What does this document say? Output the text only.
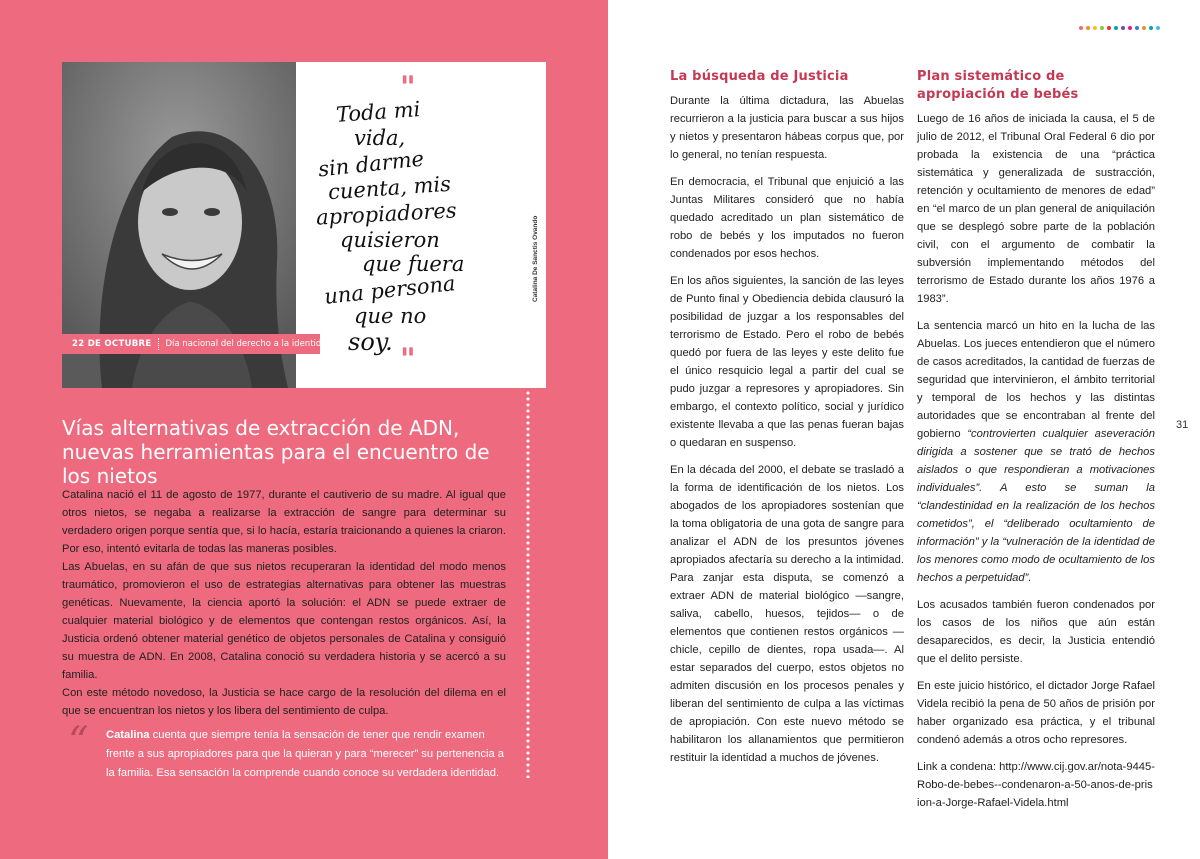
"
Toda mi
vida,
sin darme
cuenta, mis
apropiadores
quisieron
que fuera
una persona
que no
soy. "
Catalina De Sanctis Ovando
22 DE OCTUBRE Día nacional del derecho a la identidad
Vías alternativas de extracción de ADN, nuevas herramientas para el encuentro de los nietos

Catalina nació el 11 de agosto de 1977, durante el cautiverio de su madre. Al igual que otros nietos, se negaba a realizarse la extracción de sangre para determinar su verdadero origen porque sentía que, si lo hacía, estaría traicionando a quienes la criaron. Por eso, intentó evitarla de todas las maneras posibles.

Las Abuelas, en su afán de que sus nietos recuperaran la identidad del modo menos traumático, promovieron el uso de estrategias alternativas para obtener las muestras genéticas. Nuevamente, la ciencia aportó la solución: el ADN se puede extraer de cualquier material biológico y de elementos que contengan restos orgánicos. Así, la Justicia ordenó obtener material genético de objetos personales de Catalina y consiguió su muestra de ADN. En 2008, Catalina conoció su verdadera historia y se acercó a su familia.

Con este método novedoso, la Justicia se hace cargo de la resolución del dilema en el que se encuentran los nietos y los libera del sentimiento de culpa.

“ Catalina cuenta que siempre tenía la sensación de tener que rendir examen frente a sus apropiadores para que la quieran y para “merecer” su pertenencia a la familia. Esa sensación la comprende cuando conoce su verdadera identidad.
La búsqueda de Justicia

Durante la última dictadura, las Abuelas recurrieron a la justicia para buscar a sus hijos y nietos y presentaron hábeas corpus que, por lo general, no tenían respuesta.

En democracia, el Tribunal que enjuició a las Juntas Militares consideró que no había quedado acreditado un plan sistemático de robo de bebés y los imputados no fueron condenados por esos hechos.

En los años siguientes, la sanción de las leyes de Punto final y Obediencia debida clausuró la posibilidad de juzgar a los responsables del terrorismo de Estado. Pero el robo de bebés quedó por fuera de las leyes y este delito fue el único resquicio legal a partir del cual se pudo juzgar a represores y apropiadores. Sin embargo, el contexto político, social y jurídico existente llevaba a que las penas fueran bajas o quedaran en suspenso.

En la década del 2000, el debate se trasladó a la forma de identificación de los nietos. Los abogados de los apropiadores sostenían que la toma obligatoria de una gota de sangre para analizar el ADN de los presuntos jóvenes apropiados afectaría su derecho a la intimidad. Para zanjar esta disputa, se comenzó a extraer ADN de material biológico —sangre, saliva, cabello, huesos, tejidos— o de elementos que contienen restos orgánicos —chicle, cepillo de dientes, ropa usada—. Al estar separados del cuerpo, estos objetos no admiten discusión en los procesos penales y liberan del sentimiento de culpa a las víctimas de apropiación. Con este nuevo método se habilitaron los allanamientos que permitieron restituir la identidad a muchos de jóvenes.

Plan sistemático de apropiación de bebés

Luego de 16 años de iniciada la causa, el 5 de julio de 2012, el Tribunal Oral Federal 6 dio por probada la existencia de una “práctica sistemática y generalizada de sustracción, retención y ocultamiento de menores de edad” en “el marco de un plan general de aniquilación que se desplegó sobre parte de la población civil, con el argumento de combatir la subversión implementando métodos del terrorismo de Estado durante los años 1976 a 1983”.

La sentencia marcó un hito en la lucha de las Abuelas. Los jueces entendieron que el número de casos acreditados, la cantidad de fuerzas de seguridad que intervinieron, el ámbito territorial y temporal de los hechos y las distintas autoridades que se encontraban al frente del gobierno “controvierten cualquier aseveración dirigida a sostener que se trató de hechos aislados o que respondieran a motivaciones individuales”. A esto se suman la “clandestinidad en la realización de los hechos cometidos”, el “deliberado ocultamiento de información” y la “vulneración de la identidad de los menores como modo de ocultamiento de los hechos a perpetuidad”.

Los acusados también fueron condenados por los casos de los niños que aún están desaparecidos, es decir, la Justicia entendió que el delito persiste.

En este juicio histórico, el dictador Jorge Rafael Videla recibió la pena de 50 años de prisión por haber organizado esa práctica, y el tribunal condenó además a otros ocho represores.

Link a condena: http://www.cij.gov.ar/nota-9445-Robo-de-bebes--condenaron-a-50-anos-de-prision-a-Jorge-Rafael-Videla.html

31
